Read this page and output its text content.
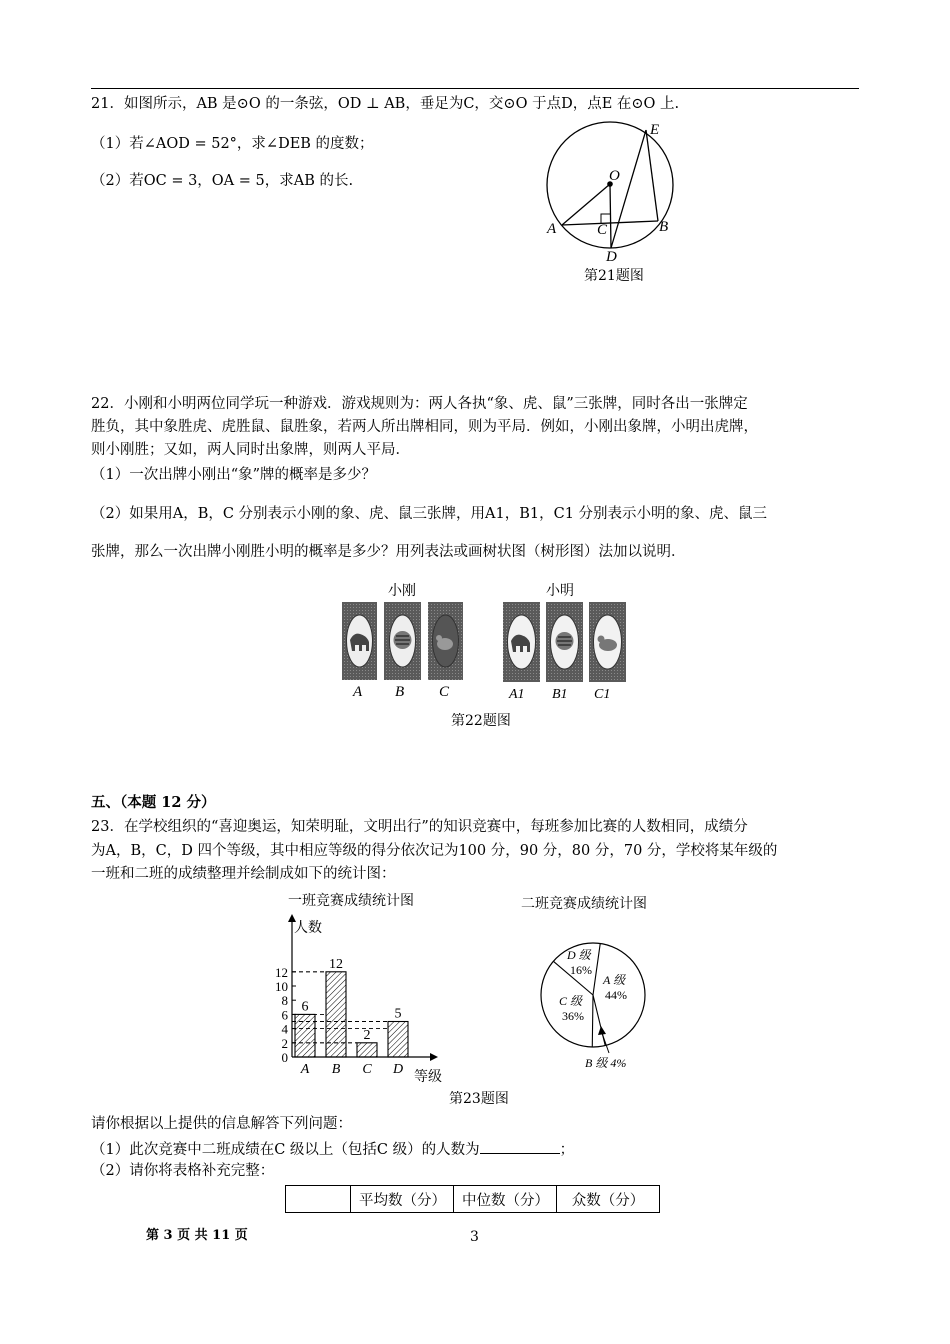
21．如图所示，AB 是⊙O 的一条弦，OD ⊥ AB，垂足为C，交⊙O 于点D，点E 在⊙O 上.
（1）若∠AOD = 52°，求∠DEB 的度数；
（2）若OC = 3，OA = 5，求AB 的长.	O
E
A	B
C
D
第21题图
22．小刚和小明两位同学玩一种游戏．游戏规则为：两人各执“象、虎、鼠”三张牌，同时各出一张牌定
胜负，其中象胜虎、虎胜鼠、鼠胜象，若两人所出牌相同，则为平局．例如，小刚出象牌，小明出虎牌，
则小刚胜；又如，两人同时出象牌，则两人平局．
（1）一次出牌小刚出“象”牌的概率是多少？
（2）如果用A，B，C 分别表示小刚的象、虎、鼠三张牌，用A1，B1，C1 分别表示小明的象、虎、鼠三
张牌，那么一次出牌小刚胜小明的概率是多少？用列表法或画树状图（树形图）法加以说明．
小刚	小明
A B C	A1 B1 C1
第22题图
五、（本题 12 分）
23．在学校组织的“喜迎奥运，知荣明耻，文明出行”的知识竞赛中，每班参加比赛的人数相同，成绩分
为A，B，C，D 四个等级，其中相应等级的得分依次记为100 分，90 分，80 分，70 分，学校将某年级的
一班和二班的成绩整理并绘制成如下的统计图：
一班竞赛成绩统计图
人数
等级
0
2
4
6
8
10
12
6
A
12
B
2
C
5
D
二班竞赛成绩统计图
A 级
44%
C 级
36%
D 级
16%
B 级 4%
第23题图
请你根据以上提供的信息解答下列问题：
（1）此次竞赛中二班成绩在C 级以上（包括C 级）的人数为	；
（2）请你将表格补充完整：
	平均数（分）	中位数（分）	众数（分）
第 3 页 共 11 页	3
